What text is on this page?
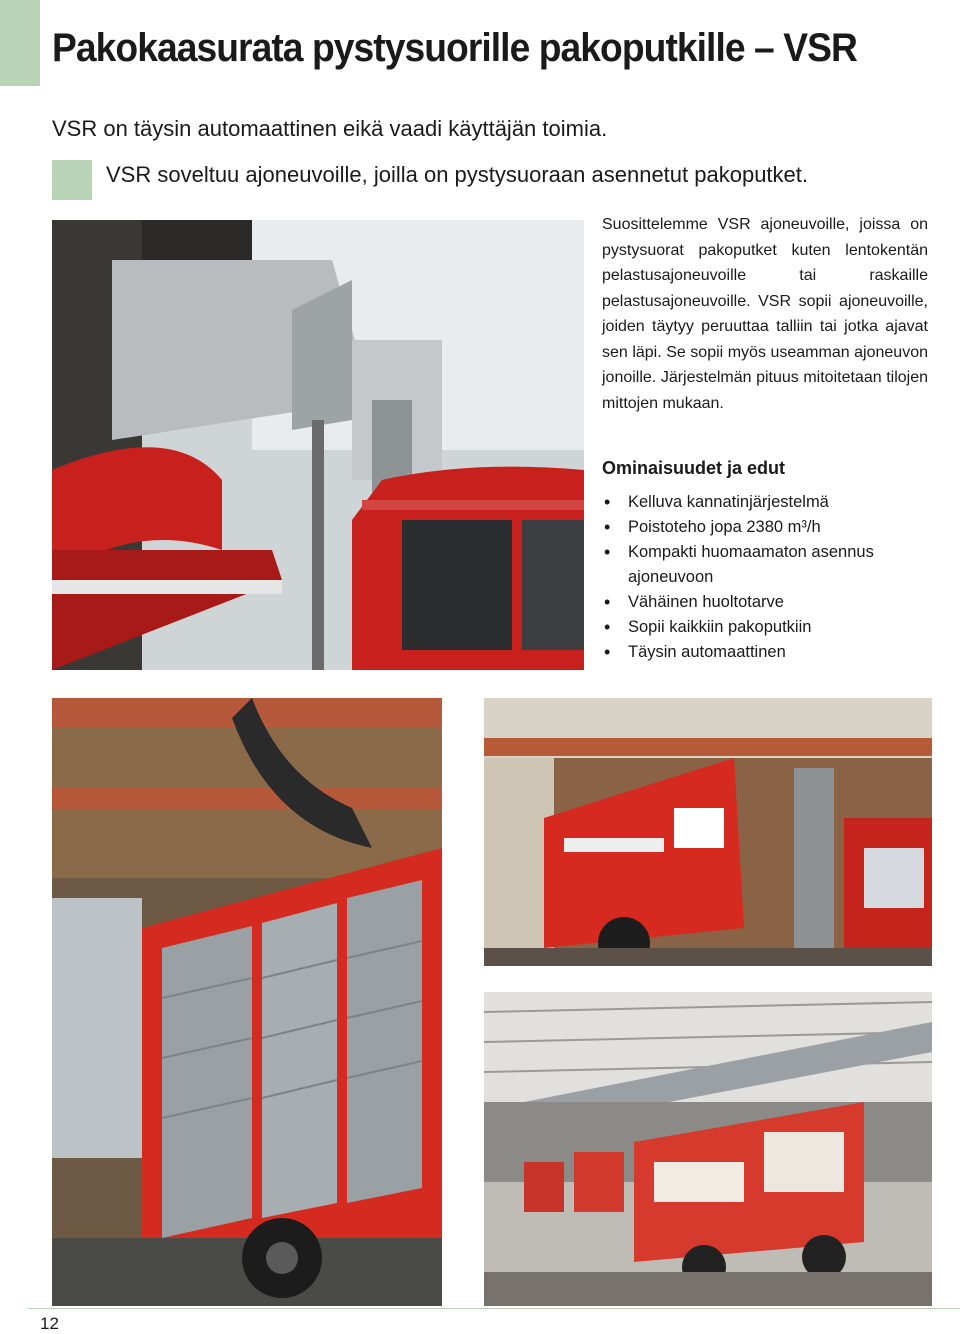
Pakokaasurata pystysuorille pakoputkille – VSR

VSR on täysin automaattinen eikä vaadi käyttäjän toimia.

VSR soveltuu ajoneuvoille, joilla on pystysuoraan asennetut pakoputket.

Suosittelemme VSR ajoneuvoille, joissa on pystysuorat pakoputket kuten lentokentän pelastusajoneuvoille tai raskaille pelastusajoneuvoille. VSR sopii ajoneuvoille, joiden täytyy peruuttaa talliin tai jotka ajavat sen läpi. Se sopii myös useamman ajoneuvon jonoille. Järjestelmän pituus mitoitetaan tilojen mittojen mukaan.

Ominaisuudet ja edut
• Kelluva kannatinjärjestelmä
• Poistoteho jopa 2380 m³/h
• Kompakti huomaamaton asennus ajoneuvoon
• Vähäinen huoltotarve
• Sopii kaikkiin pakoputkiin
• Täysin automaattinen
12
